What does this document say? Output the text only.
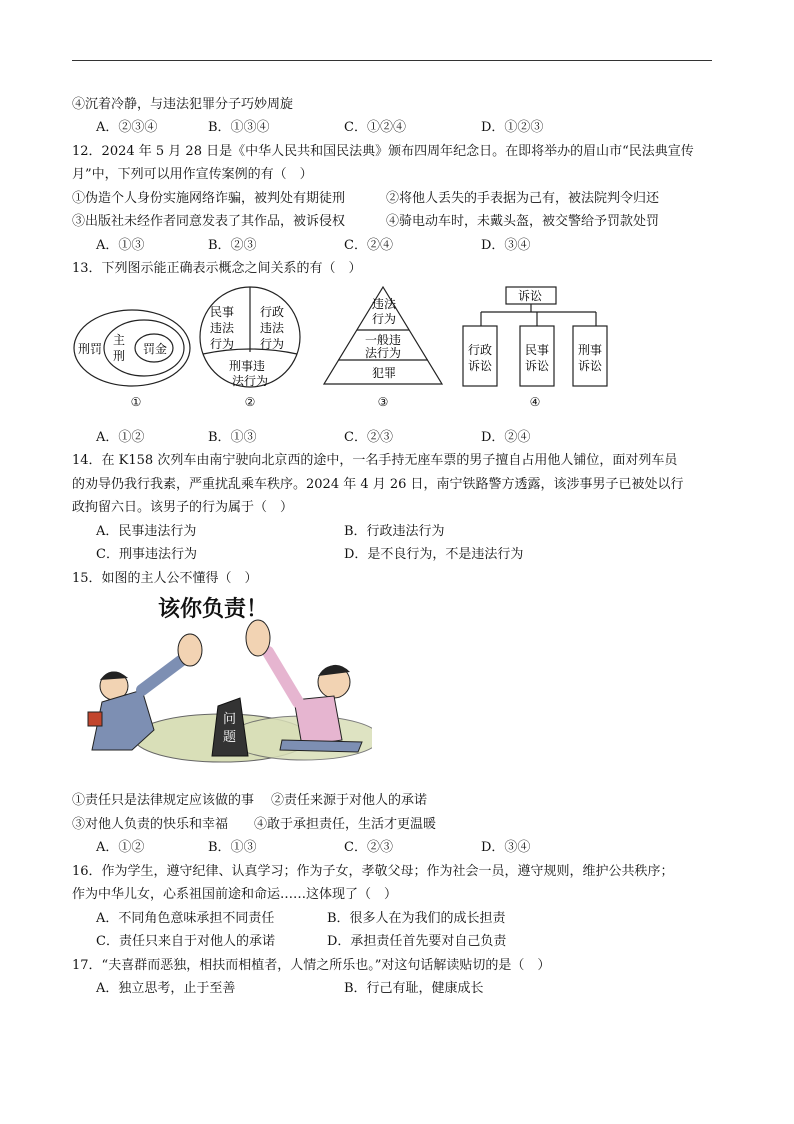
④沉着冷静，与违法犯罪分子巧妙周旋
A．②③④	B．①③④	C．①②④	D．①②③
12．2024 年 5 月 28 日是《中华人民共和国民法典》颁布四周年纪念日。在即将举办的眉山市“民法典宣传
月”中，下列可以用作宣传案例的有（　）
①伪造个人身份实施网络诈骗，被判处有期徒刑	②将他人丢失的手表据为己有，被法院判令归还
③出版社未经作者同意发表了其作品，被诉侵权	④骑电动车时，未戴头盔，被交警给予罚款处罚
A．①③	B．②③	C．②④	D．③④
13．下列图示能正确表示概念之间关系的有（　）
刑罚
主
刑 罚金
①
民事
违法
行为
行政
违法
行为
刑事违
法行为
②
违法
行为
一般违
法行为
犯罪
③
诉讼
行政
诉讼
民事
诉讼
刑事
诉讼
④
A．①②	B．①③	C．②③	D．②④
14．在 K158 次列车由南宁驶向北京西的途中，一名手持无座车票的男子擅自占用他人铺位，面对列车员
的劝导仍我行我素，严重扰乱乘车秩序。2024 年 4 月 26 日，南宁铁路警方透露，该涉事男子已被处以行
政拘留六日。该男子的行为属于（　）
A．民事违法行为	B．行政违法行为
C．刑事违法行为	D．是不良行为，不是违法行为
15．如图的主人公不懂得（　）
该你负责！
问
题
①责任只是法律规定应该做的事 ②责任来源于对他人的承诺
③对他人负责的快乐和幸福 ④敢于承担责任，生活才更温暖
A．①②	B．①③	C．②③	D．③④
16．作为学生，遵守纪律、认真学习；作为子女，孝敬父母；作为社会一员，遵守规则，维护公共秩序；
作为中华儿女，心系祖国前途和命运……这体现了（　）
A．不同角色意味承担不同责任	B．很多人在为我们的成长担责
C．责任只来自于对他人的承诺	D．承担责任首先要对自己负责
17．“夫喜群而恶独，相扶而相植者，人情之所乐也。”对这句话解读贴切的是（　）
A．独立思考，止于至善	B．行己有耻，健康成长
